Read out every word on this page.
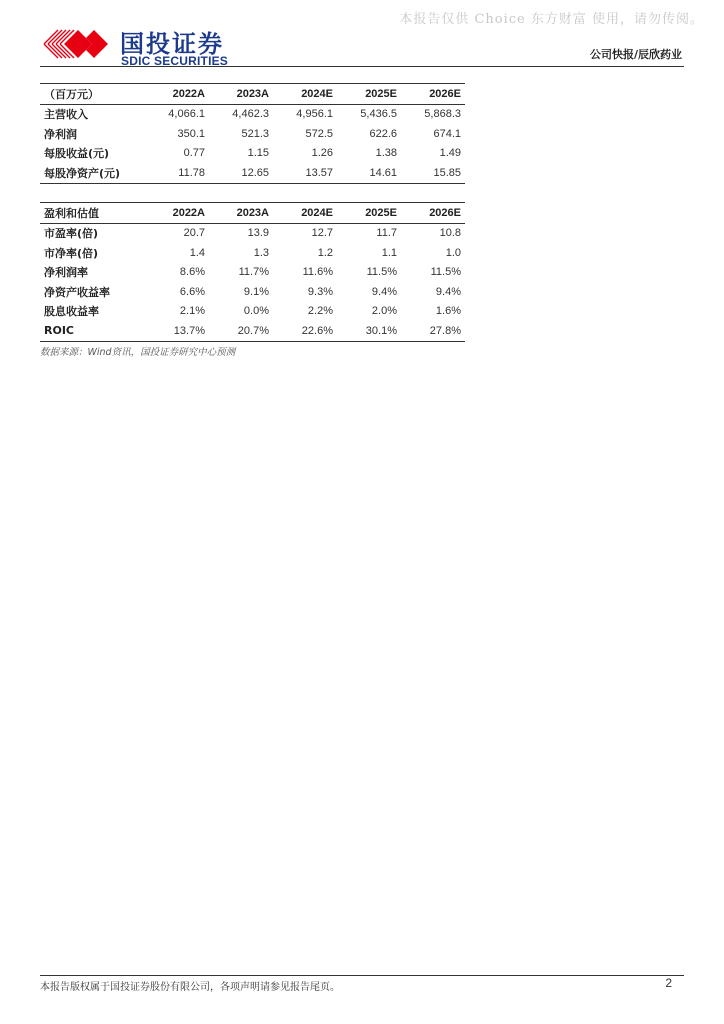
本报告仅供 Choice 东方财富 使用，请勿传阅。
国投证券
SDIC SECURITIES	公司快报/辰欣药业
（百万元）	2022A	2023A	2024E	2025E	2026E
主营收入	4,066.1	4,462.3	4,956.1	5,436.5	5,868.3
净利润	350.1	521.3	572.5	622.6	674.1
每股收益(元)	0.77	1.15	1.26	1.38	1.49
每股净资产(元)	11.78	12.65	13.57	14.61	15.85
盈利和估值	2022A	2023A	2024E	2025E	2026E
市盈率(倍)	20.7	13.9	12.7	11.7	10.8
市净率(倍)	1.4	1.3	1.2	1.1	1.0
净利润率	8.6%	11.7%	11.6%	11.5%	11.5%
净资产收益率	6.6%	9.1%	9.3%	9.4%	9.4%
股息收益率	2.1%	0.0%	2.2%	2.0%	1.6%
ROIC	13.7%	20.7%	22.6%	30.1%	27.8%
数据来源：Wind资讯，国投证券研究中心预测
本报告版权属于国投证券股份有限公司，各项声明请参见报告尾页。	2
